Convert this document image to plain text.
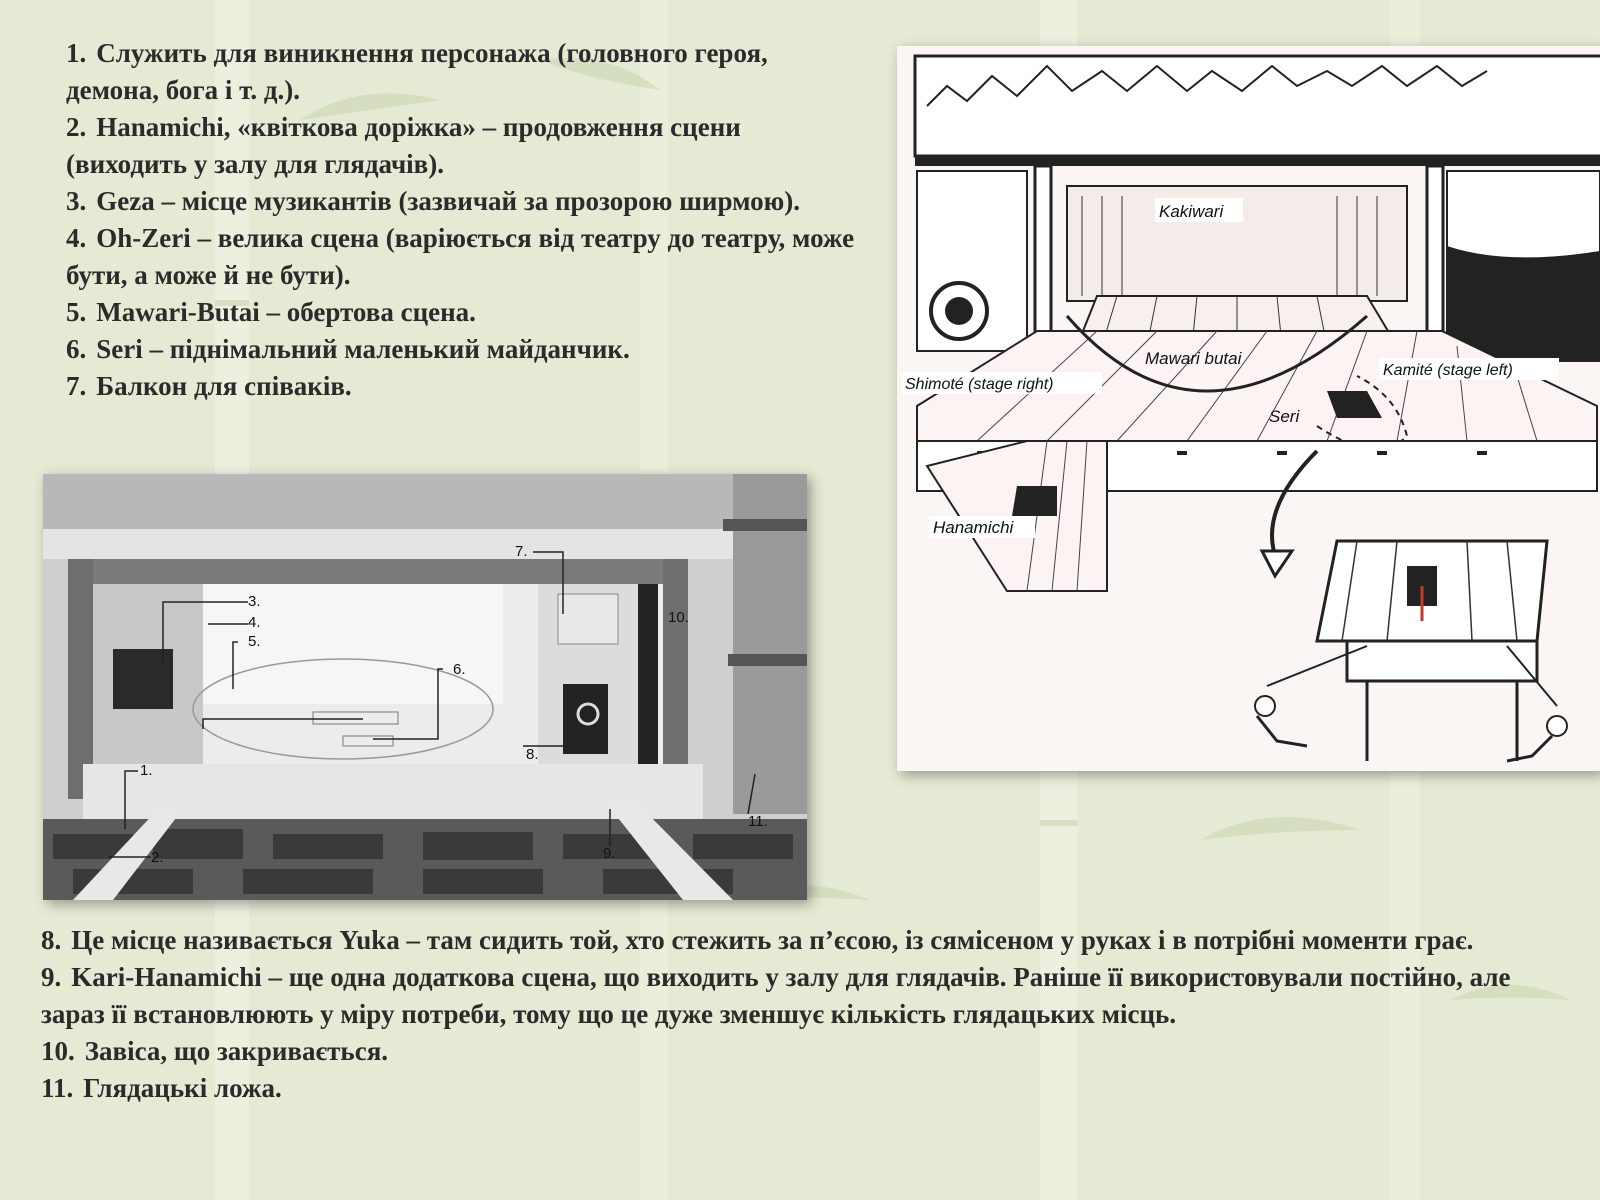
1. Служить для виникнення персонажа (головного героя, демона, бога і т. д.).

2. Hanamichi, «квіткова доріжка» – продовження сцени (виходить у залу для глядачів).

3. Geza – місце музикантів (зазвичай за прозорою ширмою).

4. Oh-Zeri – велика сцена (варіюється від театру до театру, може бути, а може й не бути).

5. Mawari-Butai – обертова сцена.

6. Seri – піднімальний маленький майданчик.

7. Балкон для співаків.

Kakiwari
Mawari butai
Shimoté (stage right)
Kamité (stage left)
Seri
Hanamichi
3.
4.
5.
6.
7.
8.
10.
1.
2.	9.
11.

8. Це місце називається Yuka – там сидить той, хто стежить за п’єсою, із сямісеном у руках і в потрібні моменти грає.

9. Kari-Hanamichi – ще одна додаткова сцена, що виходить у залу для глядачів. Раніше її використовували постійно, але зараз її встановлюють у міру потреби, тому що це дуже зменшує кількість глядацьких місць.

10. Завіса, що закривається.

11. Глядацькі ложа.
